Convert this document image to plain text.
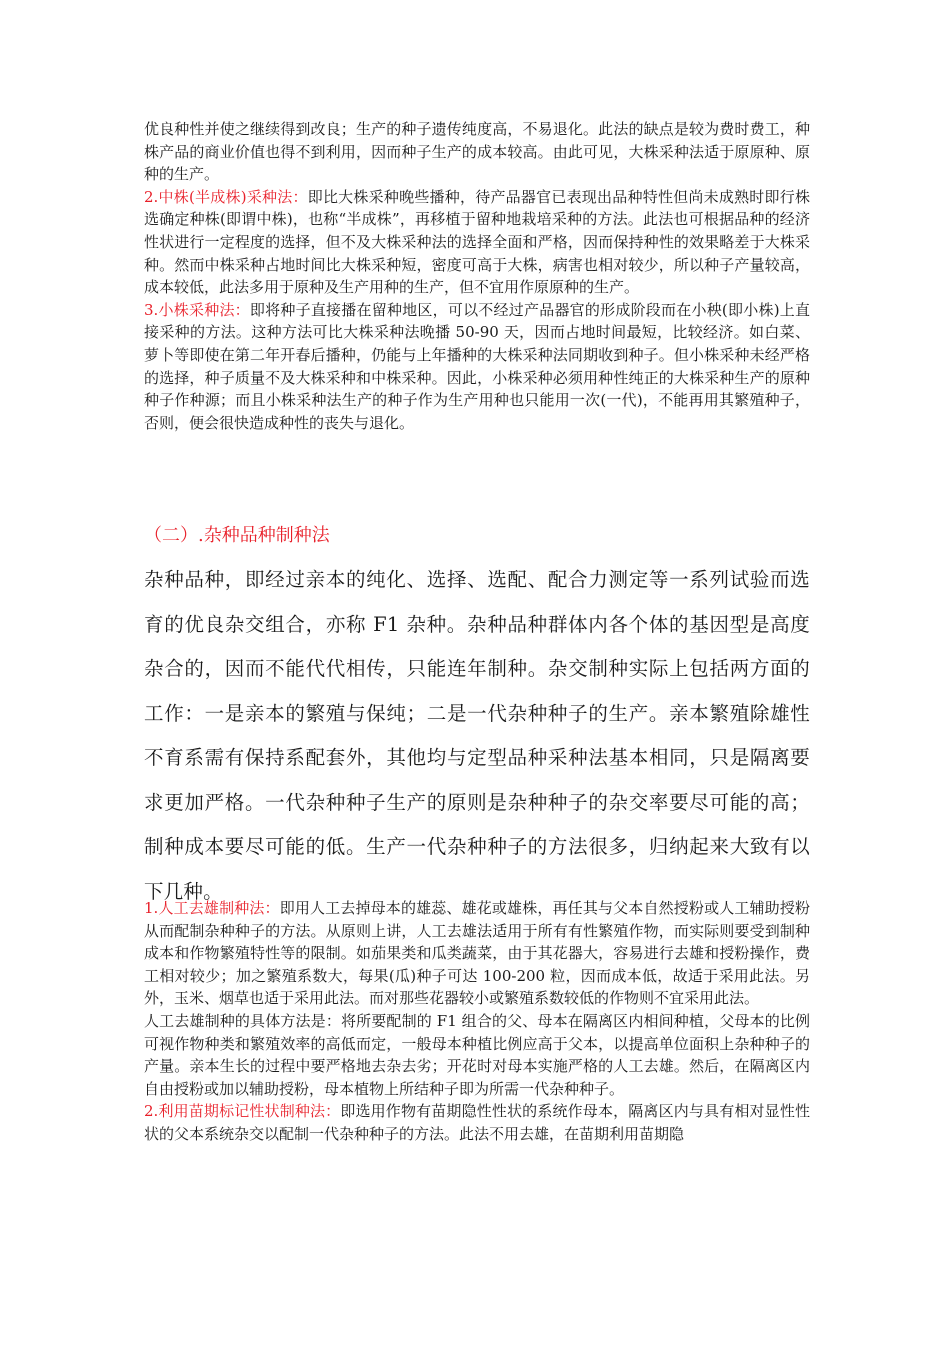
优良种性并使之继续得到改良；生产的种子遗传纯度高，不易退化。此法的缺点是较为费时费工，种株产品的商业价值也得不到利用，因而种子生产的成本较高。由此可见，大株采种法适于原原种、原种的生产。

2.中株(半成株)采种法：即比大株采种晚些播种，待产品器官已表现出品种特性但尚未成熟时即行株选确定种株(即谓中株)，也称“半成株”，再移植于留种地栽培采种的方法。此法也可根据品种的经济性状进行一定程度的选择，但不及大株采种法的选择全面和严格，因而保持种性的效果略差于大株采种。然而中株采种占地时间比大株采种短，密度可高于大株，病害也相对较少，所以种子产量较高，成本较低，此法多用于原种及生产用种的生产，但不宜用作原原种的生产。

3.小株采种法：即将种子直接播在留种地区，可以不经过产品器官的形成阶段而在小秧(即小株)上直接采种的方法。这种方法可比大株采种法晚播 50-90 天，因而占地时间最短，比较经济。如白菜、萝卜等即使在第二年开春后播种，仍能与上年播种的大株采种法同期收到种子。但小株采种未经严格的选择，种子质量不及大株采种和中株采种。因此，小株采种必须用种性纯正的大株采种生产的原种种子作种源；而且小株采种法生产的种子作为生产用种也只能用一次(一代)，不能再用其繁殖种子，否则，便会很快造成种性的丧失与退化。

（二）.杂种品种制种法

杂种品种，即经过亲本的纯化、选择、选配、配合力测定等一系列试验而选育的优良杂交组合，亦称 F1 杂种。杂种品种群体内各个体的基因型是高度杂合的，因而不能代代相传，只能连年制种。杂交制种实际上包括两方面的工作：一是亲本的繁殖与保纯；二是一代杂种种子的生产。亲本繁殖除雄性不育系需有保持系配套外，其他均与定型品种采种法基本相同，只是隔离要求更加严格。一代杂种种子生产的原则是杂种种子的杂交率要尽可能的高；制种成本要尽可能的低。生产一代杂种种子的方法很多，归纳起来大致有以下几种。

1.人工去雄制种法：即用人工去掉母本的雄蕊、雄花或雄株，再任其与父本自然授粉或人工辅助授粉从而配制杂种种子的方法。从原则上讲，人工去雄法适用于所有有性繁殖作物，而实际则要受到制种成本和作物繁殖特性等的限制。如茄果类和瓜类蔬菜，由于其花器大，容易进行去雄和授粉操作，费工相对较少；加之繁殖系数大，每果(瓜)种子可达 100-200 粒，因而成本低，故适于采用此法。另外，玉米、烟草也适于采用此法。而对那些花器较小或繁殖系数较低的作物则不宜采用此法。

人工去雄制种的具体方法是：将所要配制的 F1 组合的父、母本在隔离区内相间种植，父母本的比例可视作物种类和繁殖效率的高低而定，一般母本种植比例应高于父本，以提高单位面积上杂种种子的产量。亲本生长的过程中要严格地去杂去劣；开花时对母本实施严格的人工去雄。然后，在隔离区内自由授粉或加以辅助授粉，母本植物上所结种子即为所需一代杂种种子。

2.利用苗期标记性状制种法：即选用作物有苗期隐性性状的系统作母本，隔离区内与具有相对显性性状的父本系统杂交以配制一代杂种种子的方法。此法不用去雄，在苗期利用苗期隐
